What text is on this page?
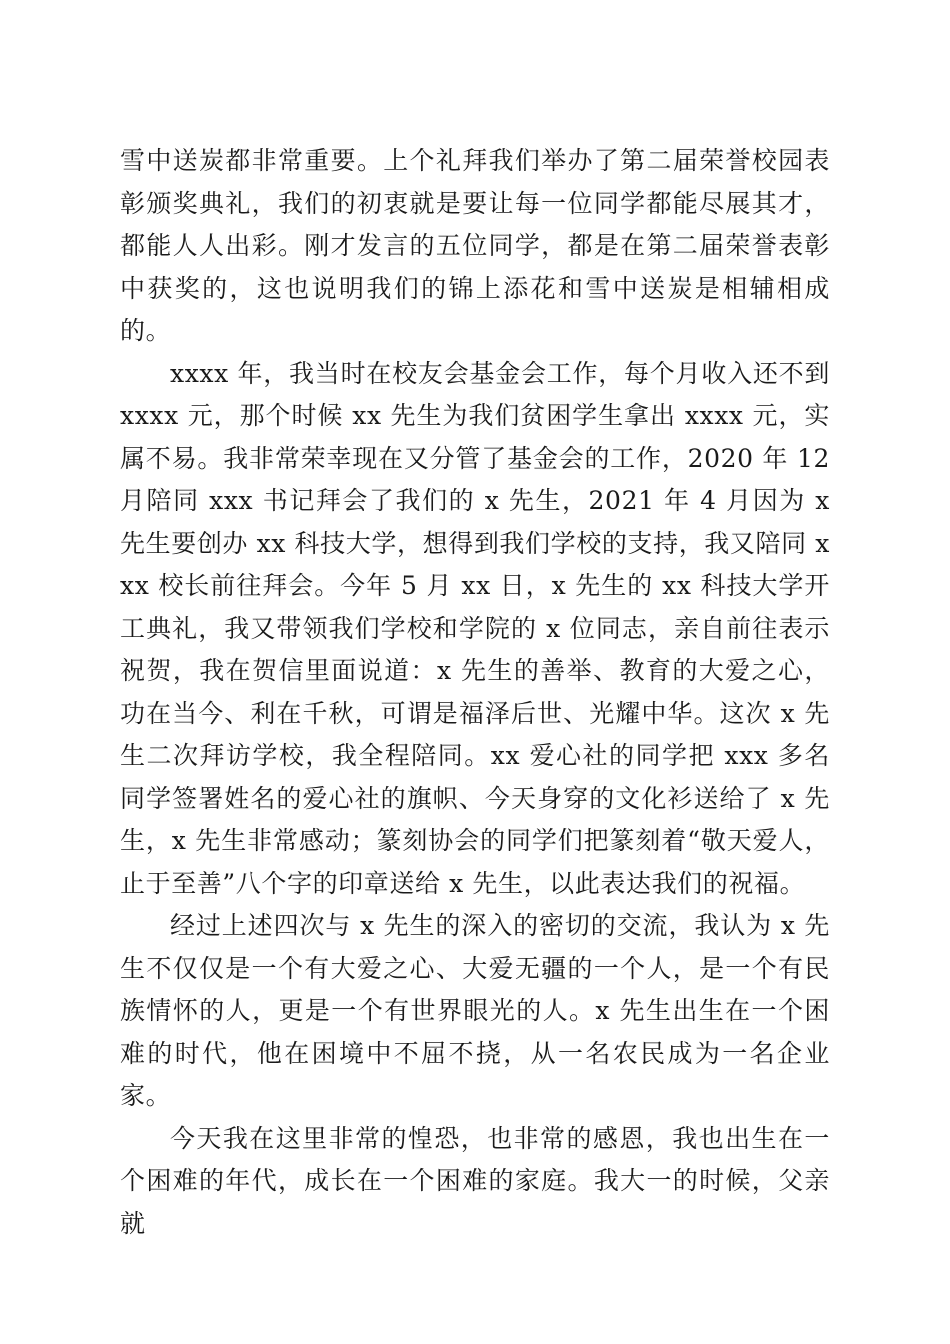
雪中送炭都非常重要。上个礼拜我们举办了第二届荣誉校园表彰颁奖典礼，我们的初衷就是要让每一位同学都能尽展其才，都能人人出彩。刚才发言的五位同学，都是在第二届荣誉表彰中获奖的，这也说明我们的锦上添花和雪中送炭是相辅相成的。

xxxx 年，我当时在校友会基金会工作，每个月收入还不到 xxxx 元，那个时候 xx 先生为我们贫困学生拿出 xxxx 元，实属不易。我非常荣幸现在又分管了基金会的工作，2020 年 12 月陪同 xxx 书记拜会了我们的 x 先生，2021 年 4 月因为 x 先生要创办 xx 科技大学，想得到我们学校的支持，我又陪同 xxx 校长前往拜会。今年 5 月 xx 日，x 先生的 xx 科技大学开工典礼，我又带领我们学校和学院的 x 位同志，亲自前往表示祝贺，我在贺信里面说道：x 先生的善举、教育的大爱之心，功在当今、利在千秋，可谓是福泽后世、光耀中华。这次 x 先生二次拜访学校，我全程陪同。xx 爱心社的同学把 xxx 多名同学签署姓名的爱心社的旗帜、今天身穿的文化衫送给了 x 先生，x 先生非常感动；篆刻协会的同学们把篆刻着“敬天爱人，止于至善”八个字的印章送给 x 先生，以此表达我们的祝福。

经过上述四次与 x 先生的深入的密切的交流，我认为 x 先生不仅仅是一个有大爱之心、大爱无疆的一个人，是一个有民族情怀的人，更是一个有世界眼光的人。x 先生出生在一个困难的时代，他在困境中不屈不挠，从一名农民成为一名企业家。

今天我在这里非常的惶恐，也非常的感恩，我也出生在一个困难的年代，成长在一个困难的家庭。我大一的时候，父亲就
